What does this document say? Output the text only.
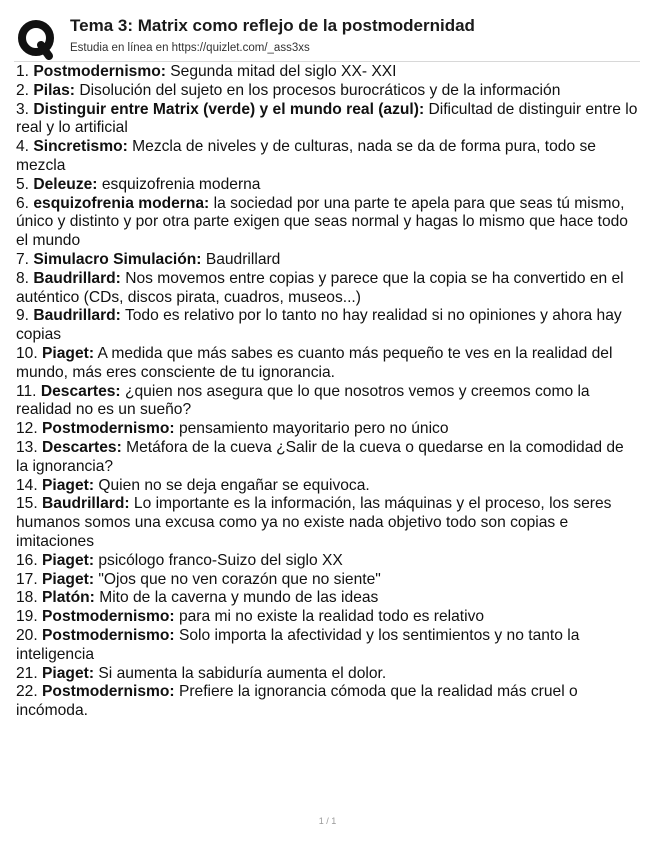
Tema 3: Matrix como reflejo de la postmodernidad
Estudia en línea en https://quizlet.com/_ass3xs
1. Postmodernismo: Segunda mitad del siglo XX- XXI
2. Pilas: Disolución del sujeto en los procesos burocráticos y de la información
3. Distinguir entre Matrix (verde) y el mundo real (azul): Dificultad de distinguir entre lo real y lo artificial
4. Sincretismo: Mezcla de niveles y de culturas, nada se da de forma pura, todo se mezcla
5. Deleuze: esquizofrenia moderna
6. esquizofrenia moderna: la sociedad por una parte te apela para que seas tú mismo, único y distinto y por otra parte exigen que seas normal y hagas lo mismo que hace todo el mundo
7. Simulacro Simulación: Baudrillard
8. Baudrillard: Nos movemos entre copias y parece que la copia se ha convertido en el auténtico (CDs, discos pirata, cuadros, museos...)
9. Baudrillard: Todo es relativo por lo tanto no hay realidad si no opiniones y ahora hay copias
10. Piaget: A medida que más sabes es cuanto más pequeño te ves en la realidad del mundo, más eres consciente de tu ignorancia.
11. Descartes: ¿quien nos asegura que lo que nosotros vemos y creemos como la realidad no es un sueño?
12. Postmodernismo: pensamiento mayoritario pero no único
13. Descartes: Metáfora de la cueva ¿Salir de la cueva o quedarse en la comodidad de la ignorancia?
14. Piaget: Quien no se deja engañar se equivoca.
15. Baudrillard: Lo importante es la información, las máquinas y el proceso, los seres humanos somos una excusa como ya no existe nada objetivo todo son copias e imitaciones
16. Piaget: psicólogo franco-Suizo del siglo XX
17. Piaget: "Ojos que no ven corazón que no siente"
18. Platón: Mito de la caverna y mundo de las ideas
19. Postmodernismo: para mi no existe la realidad todo es relativo
20. Postmodernismo: Solo importa la afectividad y los sentimientos y no tanto la inteligencia
21. Piaget: Si aumenta la sabiduría aumenta el dolor.
22. Postmodernismo: Prefiere la ignorancia cómoda que la realidad más cruel o incómoda.
1 / 1
